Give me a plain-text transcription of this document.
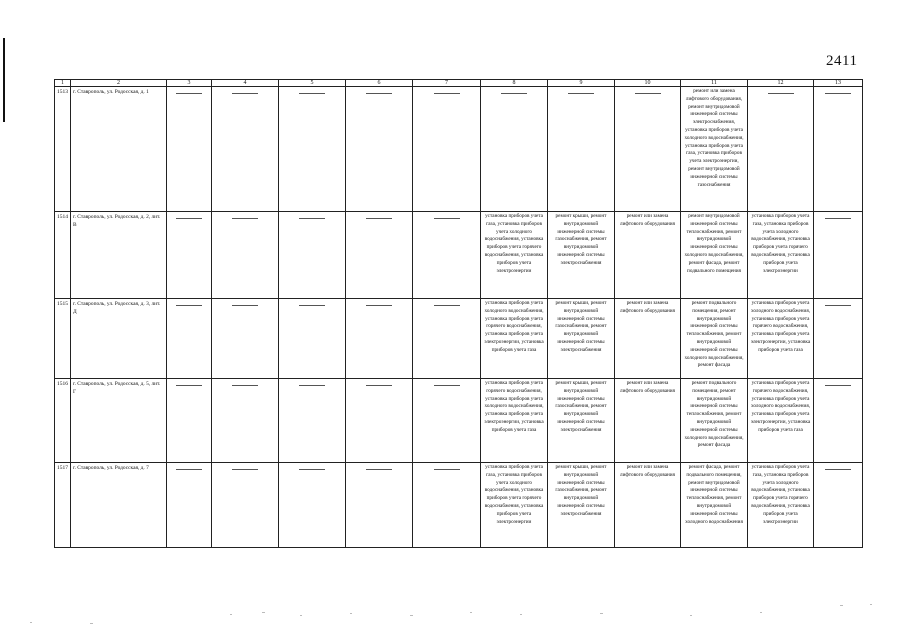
2411
1	2	3	4	5	6	7	8	9	10	11	12	13
1513	г. Ставрополь, ул. Родосская, д. 1									ремонт или замена лифтового оборудования, ремонт внутридомовой инженерной системы электроснабжения, установка приборов учета холодного водоснабжения, установка приборов учета газа, установка приборов учета электроэнергии, ремонт внутридомовой инженерной системы газоснабжения	

1514	г. Ставрополь, ул. Родосская, д. 2, лит. В						установка приборов учета газа, установка приборов учета холодного водоснабжения, установка приборов учета горячего водоснабжения, установка приборов учета электроэнергии	ремонт крыши, ремонт внутридомовой инженерной системы газоснабжения, ремонт внутридомовой инженерной системы электроснабжения	ремонт или замена лифтового оборудования	ремонт внутридомовой инженерной системы теплоснабжения, ремонт внутридомовой инженерной системы холодного водоснабжения, ремонт фасада, ремонт подвального помещения	установка приборов учета газа, установка приборов учета холодного водоснабжения, установка приборов учета горячего водоснабжения, установка приборов учета электроэнергии	

1515	г. Ставрополь, ул. Родосская, д. 3, лит. Д						установка приборов учета холодного водоснабжения, установка приборов учета горячего водоснабжения, установка приборов учета электроэнергии, установка приборов учета газа	ремонт крыши, ремонт внутридомовой инженерной системы газоснабжения, ремонт внутридомовой инженерной системы электроснабжения	ремонт или замена лифтового оборудования	ремонт подвального помещения, ремонт внутридомовой инженерной системы теплоснабжения, ремонт внутридомовой инженерной системы холодного водоснабжения, ремонт фасада	установка приборов учета холодного водоснабжения, установка приборов учета горячего водоснабжения, установка приборов учета электроэнергии, установка приборов учета газа	

1516	г. Ставрополь, ул. Родосская, д. 5, лит. Г						установка приборов учета горячего водоснабжения, установка приборов учета холодного водоснабжения, установка приборов учета электроэнергии, установка приборов учета газа	ремонт крыши, ремонт внутридомовой инженерной системы газоснабжения, ремонт внутридомовой инженерной системы электроснабжения	ремонт или замена лифтового оборудования	ремонт подвального помещения, ремонт внутридомовой инженерной системы теплоснабжения, ремонт внутридомовой инженерной системы холодного водоснабжения, ремонт фасада	установка приборов учета горячего водоснабжения, установка приборов учета холодного водоснабжения, установка приборов учета электроэнергии, установка приборов учета газа	

1517	г. Ставрополь, ул. Родосская, д. 7						установка приборов учета газа, установка приборов учета холодного водоснабжения, установка приборов учета горячего водоснабжения, установка приборов учета электроэнергии	ремонт крыши, ремонт внутридомовой инженерной системы газоснабжения, ремонт внутридомовой инженерной системы электроснабжения	ремонт или замена лифтового оборудования	ремонт фасада, ремонт подвального помещения, ремонт внутридомовой инженерной системы теплоснабжения, ремонт внутридомовой инженерной системы холодного водоснабжения	установка приборов учета газа, установка приборов учета холодного водоснабжения, установка приборов учета горячего водоснабжения, установка приборов учета электроэнергии	
